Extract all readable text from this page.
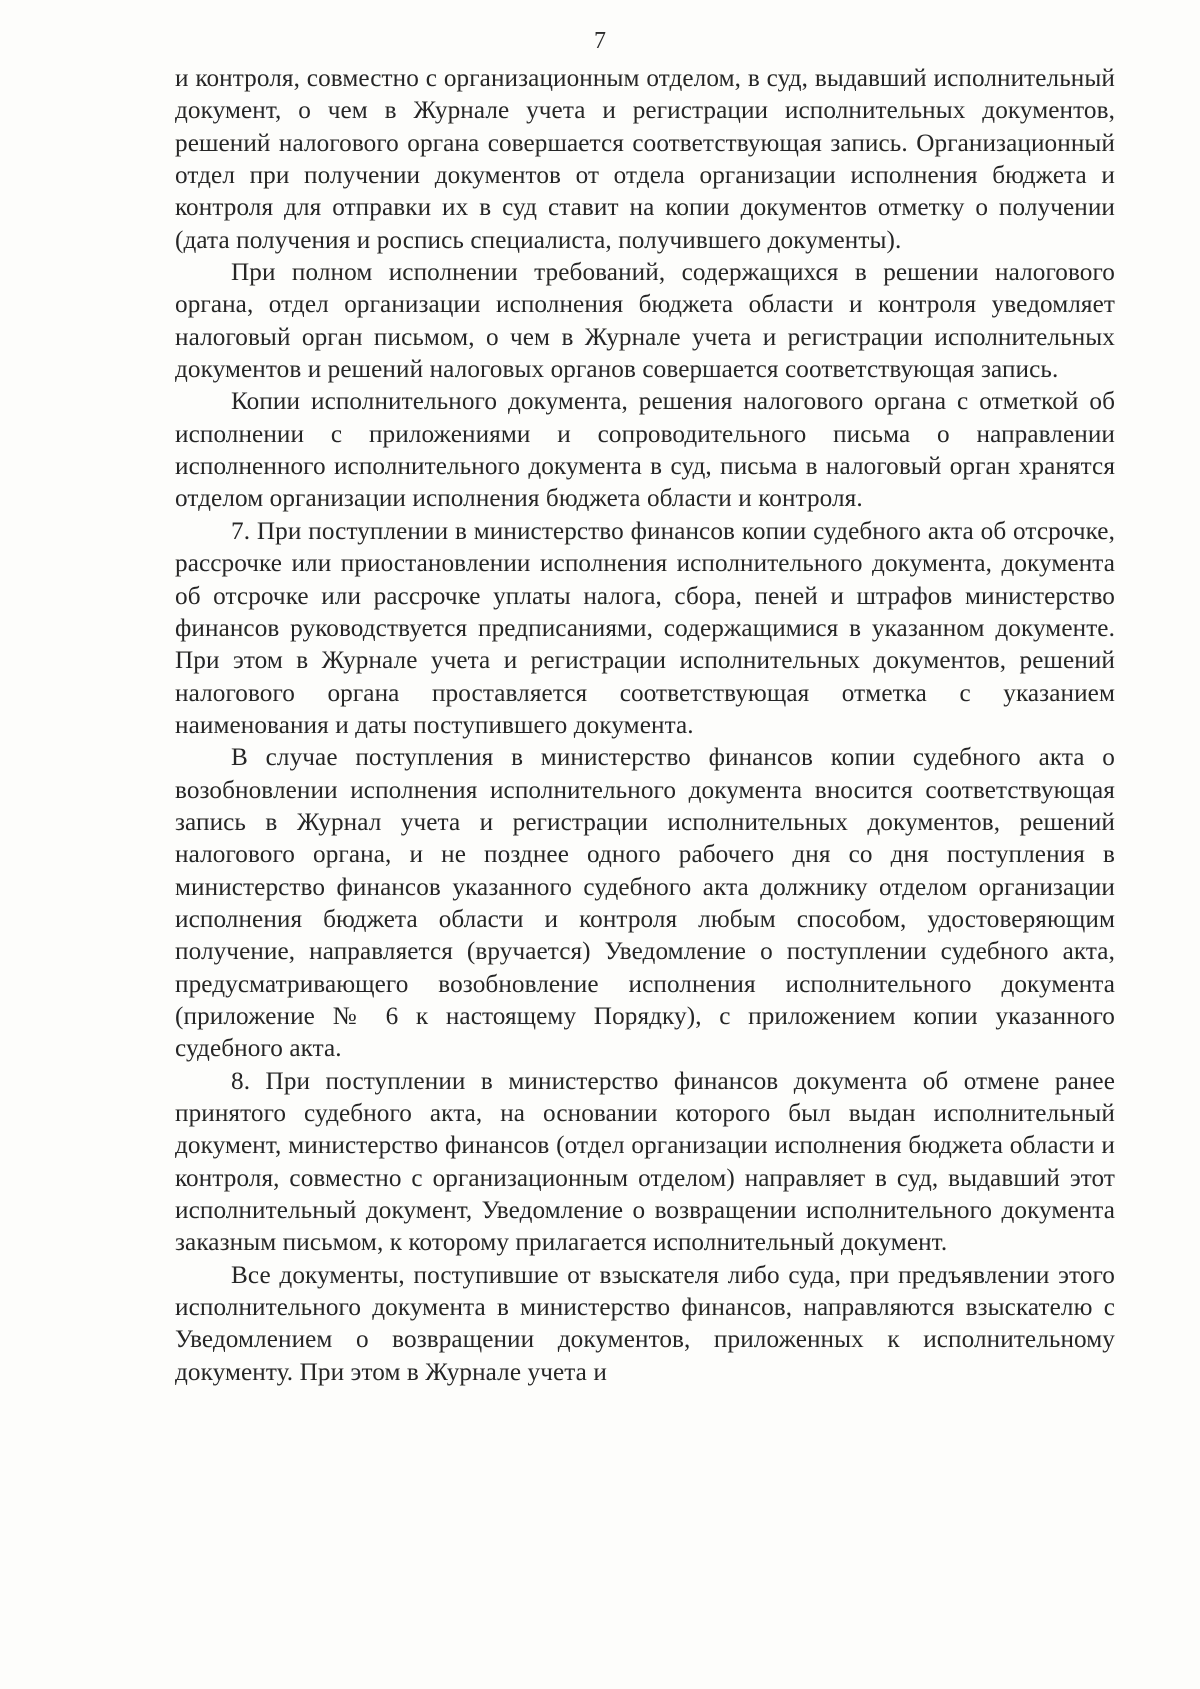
7

и контроля, совместно с организационным отделом, в суд, выдавший исполнительный документ, о чем в Журнале учета и регистрации исполнительных документов, решений налогового органа совершается соответствующая запись. Организационный отдел при получении документов от отдела организации исполнения бюджета и контроля для отправки их в суд ставит на копии документов отметку о получении (дата получения и роспись специалиста, получившего документы).

При полном исполнении требований, содержащихся в решении налогового органа, отдел организации исполнения бюджета области и контроля уведомляет налоговый орган письмом, о чем в Журнале учета и регистрации исполнительных документов и решений налоговых органов совершается соответствующая запись.

Копии исполнительного документа, решения налогового органа с отметкой об исполнении с приложениями и сопроводительного письма о направлении исполненного исполнительного документа в суд, письма в налоговый орган хранятся отделом организации исполнения бюджета области и контроля.

7. При поступлении в министерство финансов копии судебного акта об отсрочке, рассрочке или приостановлении исполнения исполнительного документа, документа об отсрочке или рассрочке уплаты налога, сбора, пеней и штрафов министерство финансов руководствуется предписаниями, содержащимися в указанном документе. При этом в Журнале учета и регистрации исполнительных документов, решений налогового органа проставляется соответствующая отметка с указанием наименования и даты поступившего документа.

В случае поступления в министерство финансов копии судебного акта о возобновлении исполнения исполнительного документа вносится соответствующая запись в Журнал учета и регистрации исполнительных документов, решений налогового органа, и не позднее одного рабочего дня со дня поступления в министерство финансов указанного судебного акта должнику отделом организации исполнения бюджета области и контроля любым способом, удостоверяющим получение, направляется (вручается) Уведомление о поступлении судебного акта, предусматривающего возобновление исполнения исполнительного документа (приложение № 6 к настоящему Порядку), с приложением копии указанного судебного акта.

8. При поступлении в министерство финансов документа об отмене ранее принятого судебного акта, на основании которого был выдан исполнительный документ, министерство финансов (отдел организации исполнения бюджета области и контроля, совместно с организационным отделом) направляет в суд, выдавший этот исполнительный документ, Уведомление о возвращении исполнительного документа заказным письмом, к которому прилагается исполнительный документ.

Все документы, поступившие от взыскателя либо суда, при предъявлении этого исполнительного документа в министерство финансов, направляются взыскателю с Уведомлением о возвращении документов, приложенных к исполнительному документу. При этом в Журнале учета и
